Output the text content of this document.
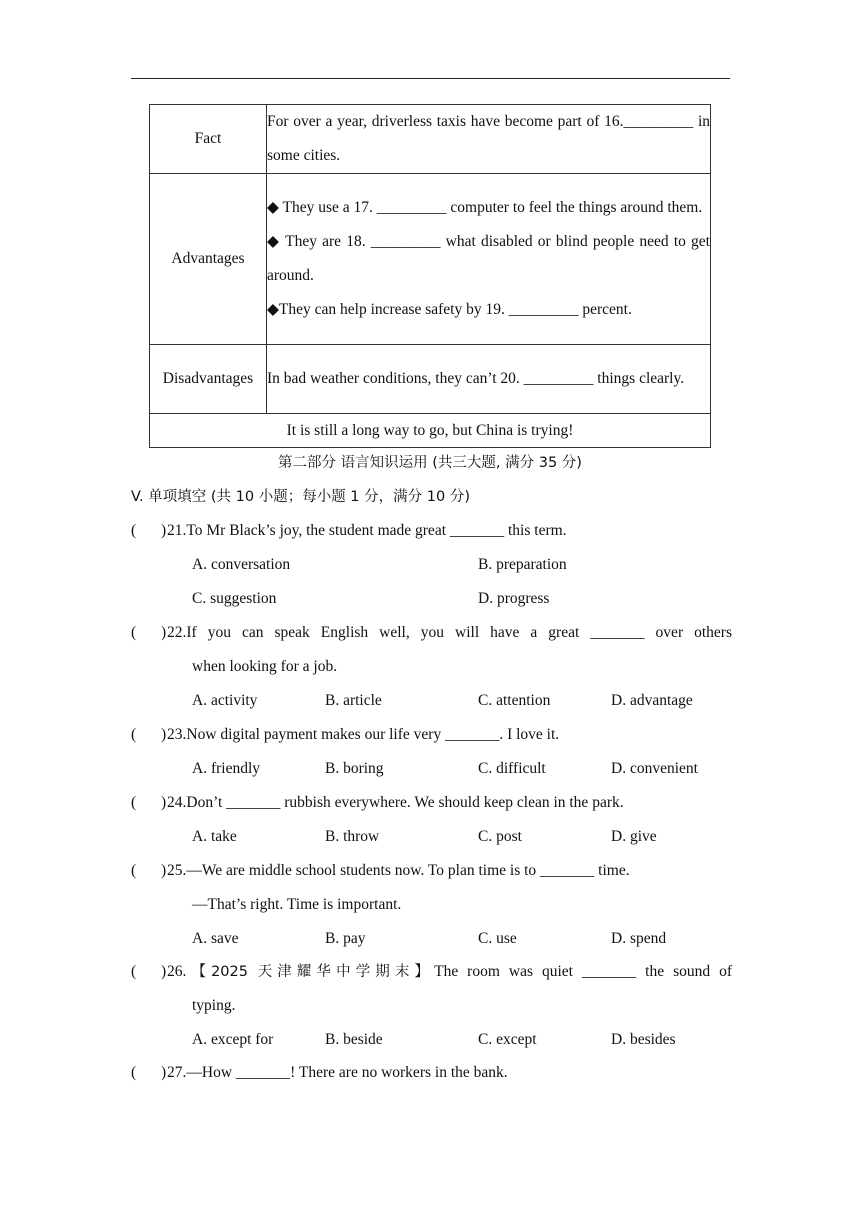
Fact	For over a year, driverless taxis have become part of 16._________ in some cities.

Advantages	◆ They use a 17. _________ computer to feel the things around them.
◆ They are 18. _________ what disabled or blind people need to get around.
◆They can help increase safety by 19. _________ percent.

Disadvantages	In bad weather conditions, they can’t 20. _________ things clearly.

It is still a long way to go, but China is trying!	
第二部分 语言知识运用 (共三大题, 满分 35 分)
V. 单项填空 (共 10 小题；每小题 1 分，满分 10 分)
( ) 21.To Mr Black’s joy, the student made great _______ this term.
A. conversation	B. preparation
C. suggestion	D. progress
( ) 22.If you can speak English well, you will have a great _______ over others
when looking for a job.
A. activity	B. article	C. attention	D. advantage
( ) 23.Now digital payment makes our life very _______. I love it.
A. friendly	B. boring	C. difficult	D. convenient
( ) 24.Don’t _______ rubbish everywhere. We should keep clean in the park.
A. take	B. throw	C. post	D. give
( ) 25.—We are middle school students now. To plan time is to _______ time.
—That’s right. Time is important.
A. save	B. pay	C. use	D. spend
( ) 26.【2025 天津耀华中学期末】The room was quiet _______ the sound of
typing.
A. except for	B. beside	C. except	D. besides
( ) 27.—How _______! There are no workers in the bank.
